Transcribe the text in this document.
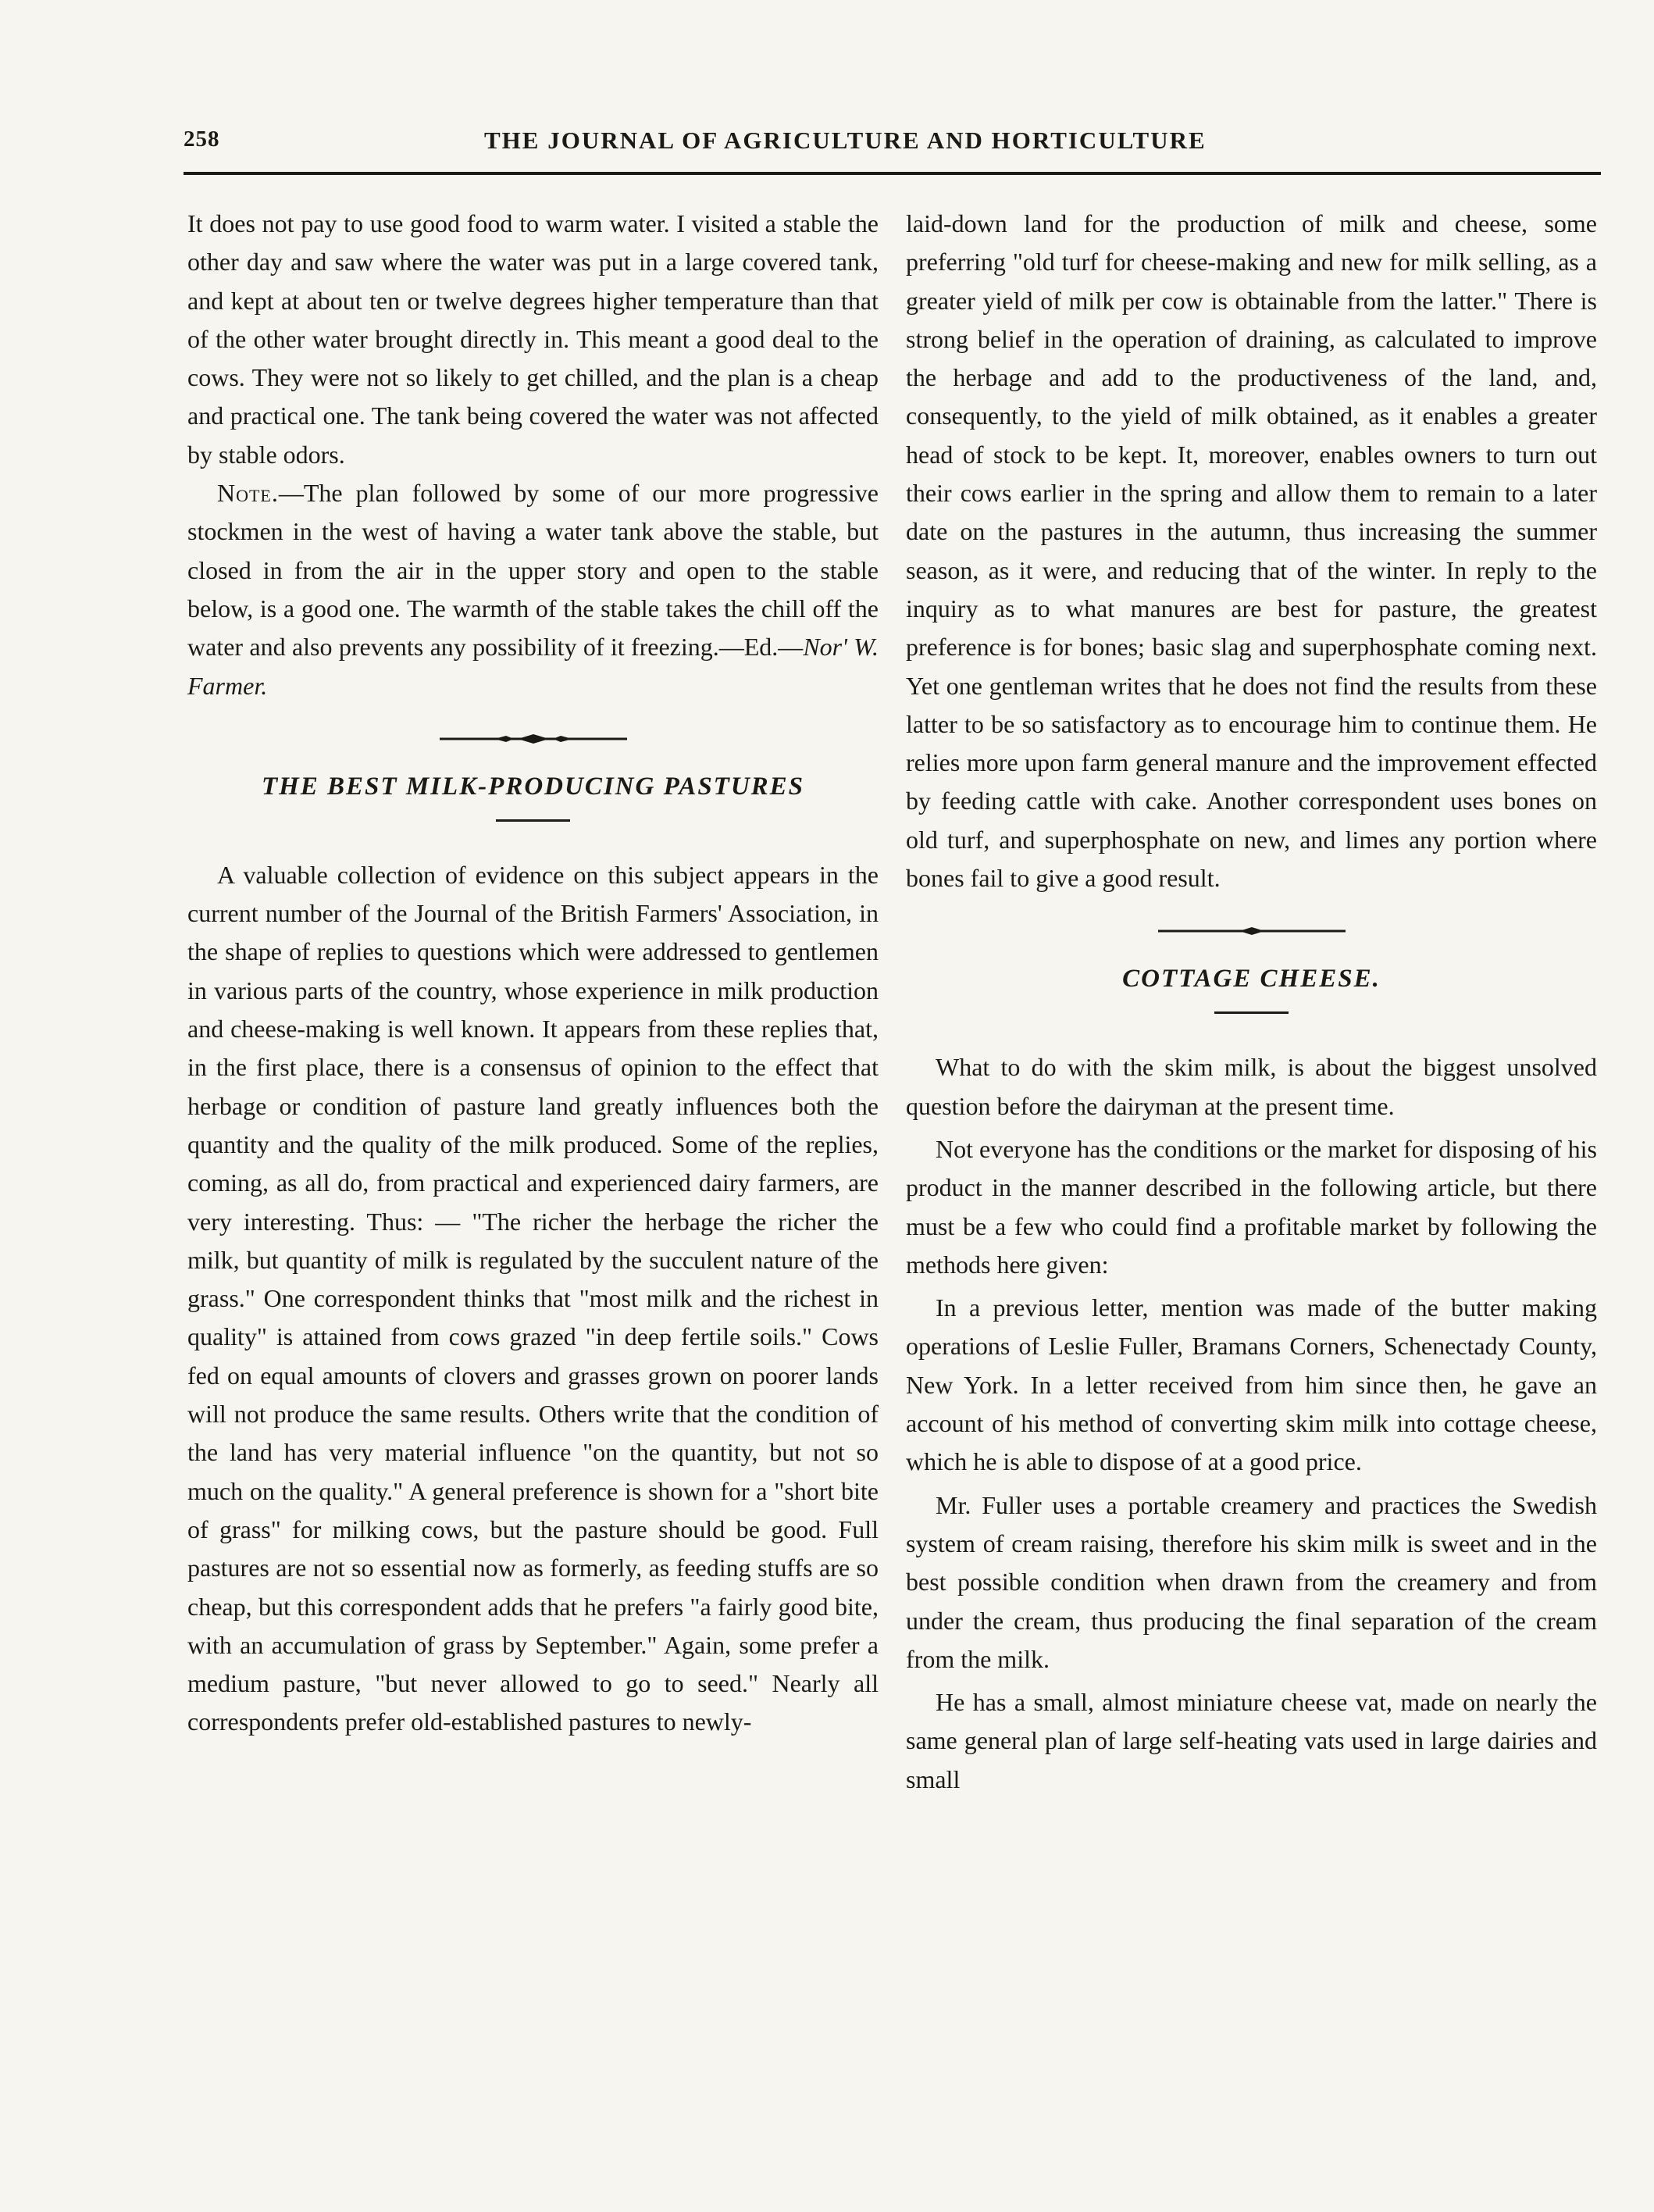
258	THE JOURNAL OF AGRICULTURE AND HORTICULTURE

It does not pay to use good food to warm water. I visited a stable the other day and saw where the water was put in a large covered tank, and kept at about ten or twelve degrees higher temperature than that of the other water brought directly in. This meant a good deal to the cows. They were not so likely to get chilled, and the plan is a cheap and practical one. The tank being covered the water was not affected by stable odors.

Note.—The plan followed by some of our more progressive stockmen in the west of having a water tank above the stable, but closed in from the air in the upper story and open to the stable below, is a good one. The warmth of the stable takes the chill off the water and also prevents any possibility of it freezing.—Ed.—Nor' W. Farmer.

THE BEST MILK-PRODUCING PASTURES

A valuable collection of evidence on this subject appears in the current number of the Journal of the British Farmers' Association, in the shape of replies to questions which were addressed to gentlemen in various parts of the country, whose experience in milk production and cheese-making is well known. It appears from these replies that, in the first place, there is a consensus of opinion to the effect that herbage or condition of pasture land greatly influences both the quantity and the quality of the milk produced. Some of the replies, coming, as all do, from practical and experienced dairy farmers, are very interesting. Thus: — "The richer the herbage the richer the milk, but quantity of milk is regulated by the succulent nature of the grass." One correspondent thinks that "most milk and the richest in quality" is attained from cows grazed "in deep fertile soils." Cows fed on equal amounts of clovers and grasses grown on poorer lands will not produce the same results. Others write that the condition of the land has very material influence "on the quantity, but not so much on the quality." A general preference is shown for a "short bite of grass" for milking cows, but the pasture should be good. Full pastures are not so essential now as formerly, as feeding stuffs are so cheap, but this correspondent adds that he prefers "a fairly good bite, with an accumulation of grass by September." Again, some prefer a medium pasture, "but never allowed to go to seed." Nearly all correspondents prefer old-established pastures to newly-

laid-down land for the production of milk and cheese, some preferring "old turf for cheese-making and new for milk selling, as a greater yield of milk per cow is obtainable from the latter." There is strong belief in the operation of draining, as calculated to improve the herbage and add to the productiveness of the land, and, consequently, to the yield of milk obtained, as it enables a greater head of stock to be kept. It, moreover, enables owners to turn out their cows earlier in the spring and allow them to remain to a later date on the pastures in the autumn, thus increasing the summer season, as it were, and reducing that of the winter. In reply to the inquiry as to what manures are best for pasture, the greatest preference is for bones; basic slag and superphosphate coming next. Yet one gentleman writes that he does not find the results from these latter to be so satisfactory as to encourage him to continue them. He relies more upon farm general manure and the improvement effected by feeding cattle with cake. Another correspondent uses bones on old turf, and superphosphate on new, and limes any portion where bones fail to give a good result.

COTTAGE CHEESE.

What to do with the skim milk, is about the biggest unsolved question before the dairyman at the present time.

Not everyone has the conditions or the market for disposing of his product in the manner described in the following article, but there must be a few who could find a profitable market by following the methods here given:

In a previous letter, mention was made of the butter making operations of Leslie Fuller, Bramans Corners, Schenectady County, New York. In a letter received from him since then, he gave an account of his method of converting skim milk into cottage cheese, which he is able to dispose of at a good price.

Mr. Fuller uses a portable creamery and practices the Swedish system of cream raising, therefore his skim milk is sweet and in the best possible condition when drawn from the creamery and from under the cream, thus producing the final separation of the cream from the milk.

He has a small, almost miniature cheese vat, made on nearly the same general plan of large self-heating vats used in large dairies and small
